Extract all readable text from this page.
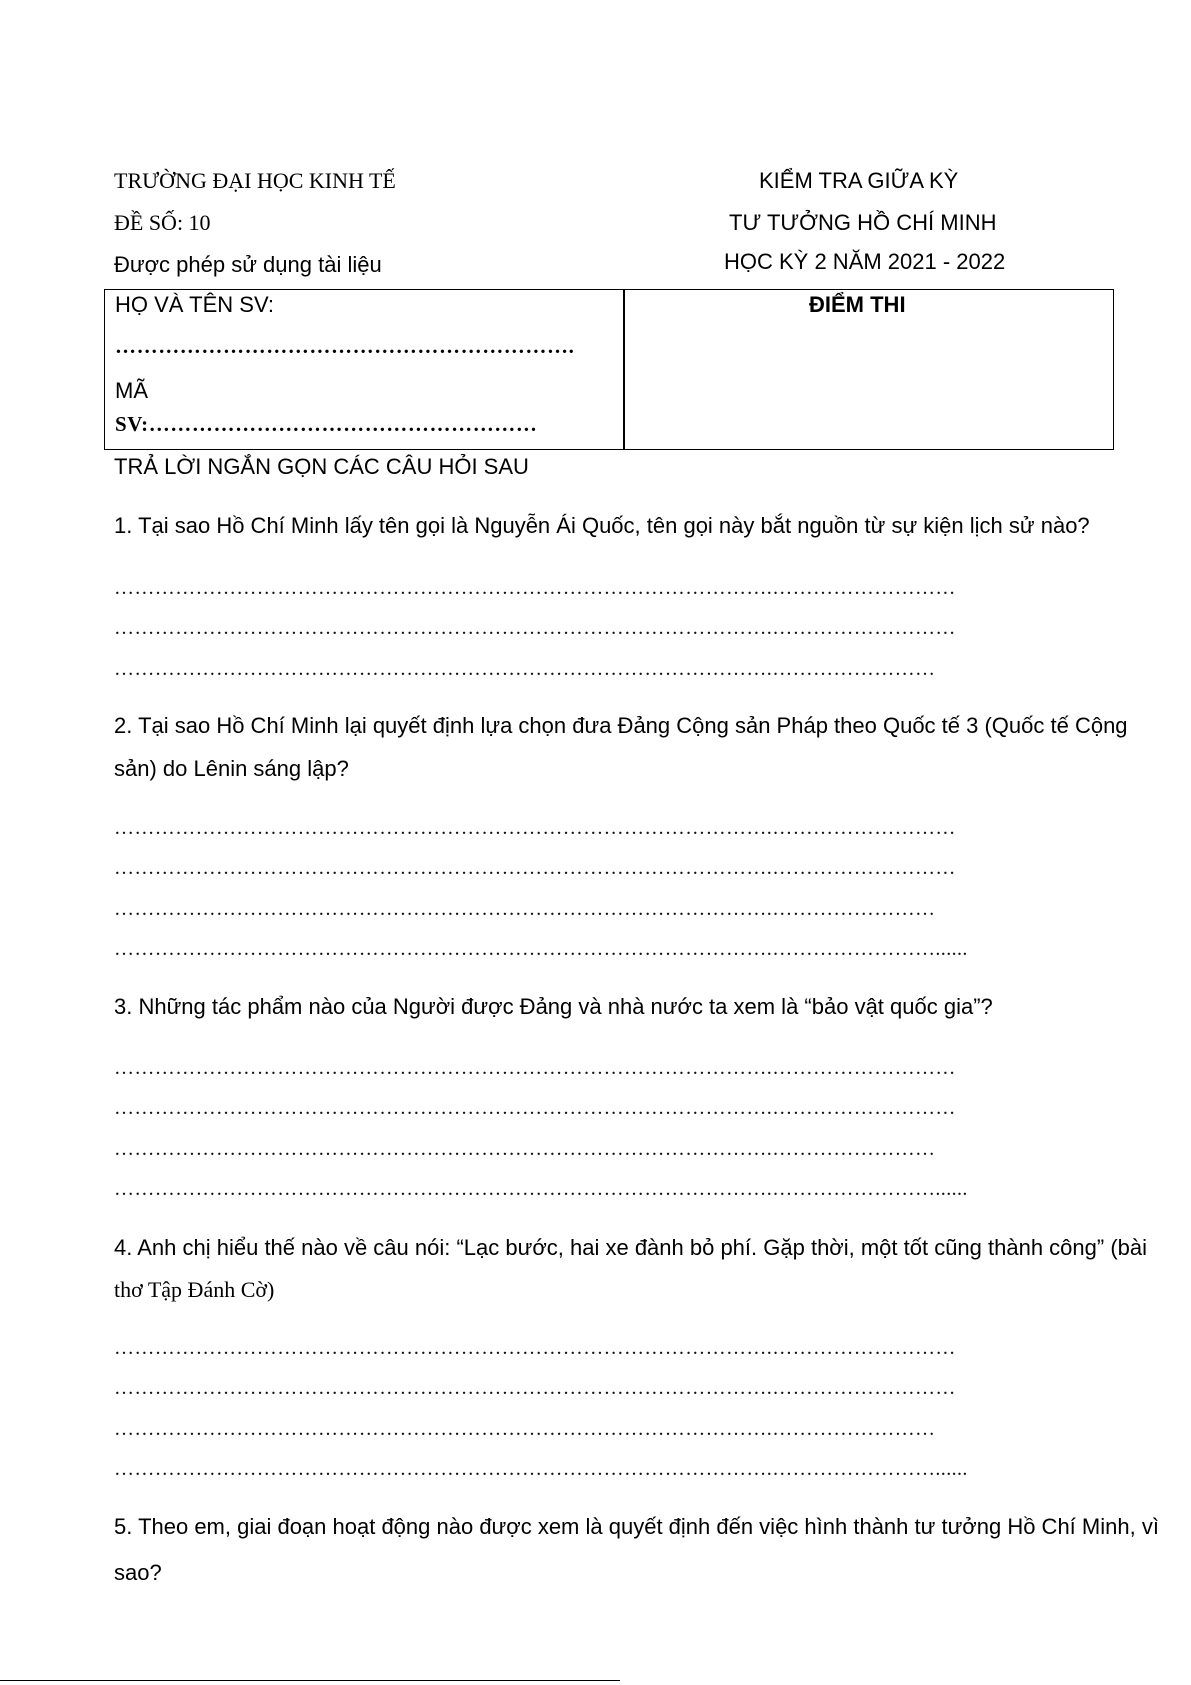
TRƯỜNG ĐẠI HỌC KINH TẾ
ĐỀ SỐ: 10
Được phép sử dụng tài liệu
KIỂM TRA GIỮA KỲ
TƯ TƯỞNG HỒ CHÍ MINH
HỌC KỲ 2 NĂM 2021 - 2022
HỌ VÀ TÊN SV:
……………………………………………………….
MÃ
SV:………………………………………………
ĐIỂM THI
TRẢ LỜI NGẮN GỌN CÁC CÂU HỎI SAU
1. Tại sao Hồ Chí Minh lấy tên gọi là Nguyễn Ái Quốc, tên gọi này bắt nguồn từ sự kiện lịch sử nào?
…………………………………………………………………………………….………………………
…………………………………………………………………………………….………………………
…………………………………………………………………………………….……………………
2. Tại sao Hồ Chí Minh lại quyết định lựa chọn đưa Đảng Cộng sản Pháp theo Quốc tế 3 (Quốc tế Cộng
sản) do Lênin sáng lập?
…………………………………………………………………………………….………………………
…………………………………………………………………………………….………………………
…………………………………………………………………………………….……………………
…………………………………………………………………………………….……………………......
3. Những tác phẩm nào của Người được Đảng và nhà nước ta xem là “bảo vật quốc gia”?
…………………………………………………………………………………….………………………
…………………………………………………………………………………….………………………
…………………………………………………………………………………….……………………
…………………………………………………………………………………….……………………......
4. Anh chị hiểu thế nào về câu nói: “Lạc bước, hai xe đành bỏ phí. Gặp thời, một tốt cũng thành công” (bài
thơ Tập Đánh Cờ)
…………………………………………………………………………………….………………………
…………………………………………………………………………………….………………………
…………………………………………………………………………………….……………………
…………………………………………………………………………………….……………………......
5. Theo em, giai đoạn hoạt động nào được xem là quyết định đến việc hình thành tư tưởng Hồ Chí Minh, vì
sao?
